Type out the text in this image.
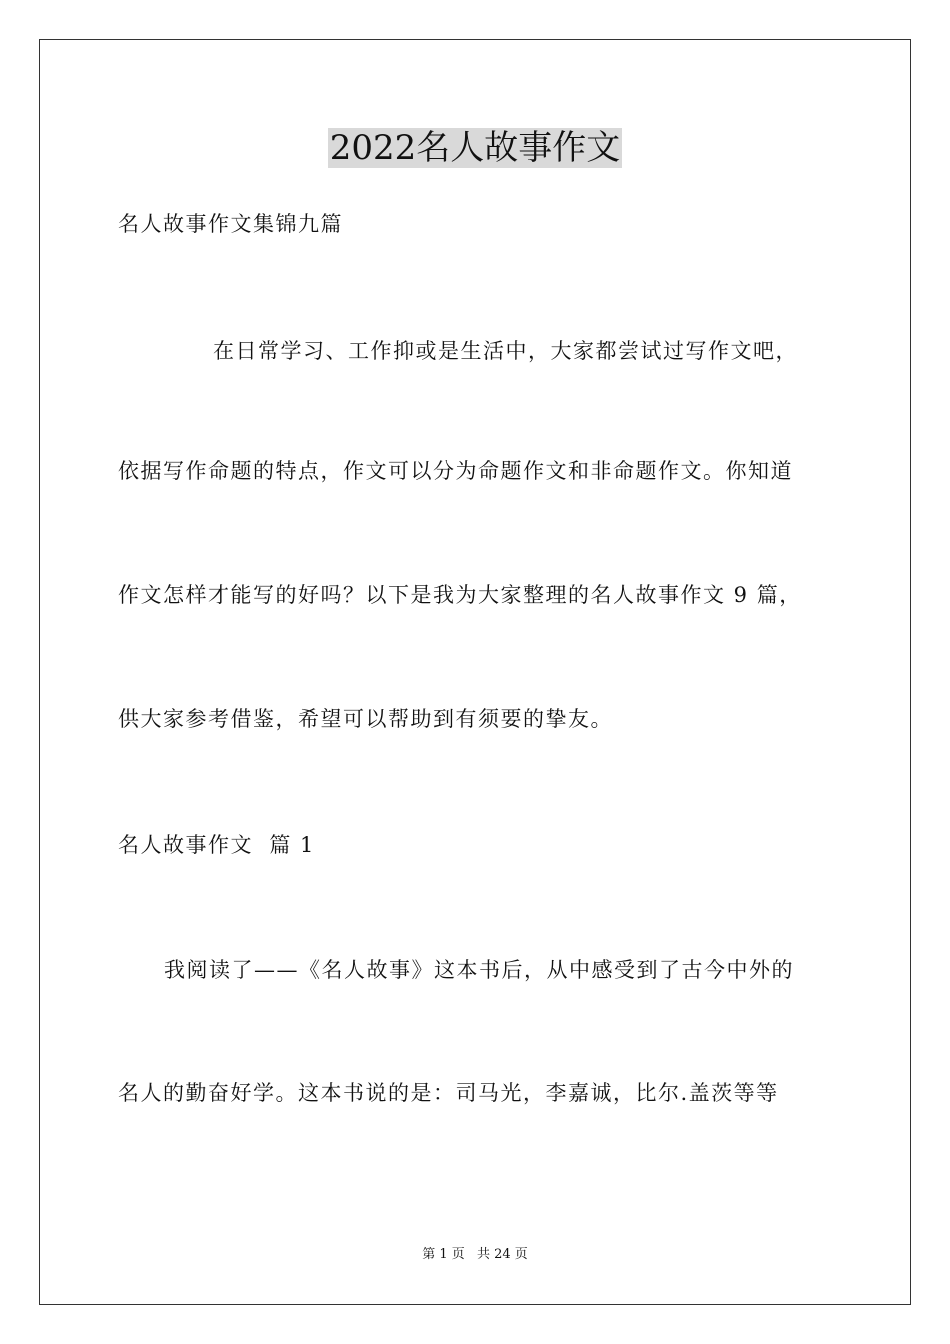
2022名人故事作文
名人故事作文集锦九篇
在日常学习、工作抑或是生活中，大家都尝试过写作文吧，
依据写作命题的特点，作文可以分为命题作文和非命题作文。你知道
作文怎样才能写的好吗？以下是我为大家整理的名人故事作文 9 篇，
供大家参考借鉴，希望可以帮助到有须要的挚友。
名人故事作文  篇 1
我阅读了——《名人故事》这本书后，从中感受到了古今中外的
名人的勤奋好学。这本书说的是：司马光，李嘉诚，比尔.盖茨等等
第 1 页 共 24 页
